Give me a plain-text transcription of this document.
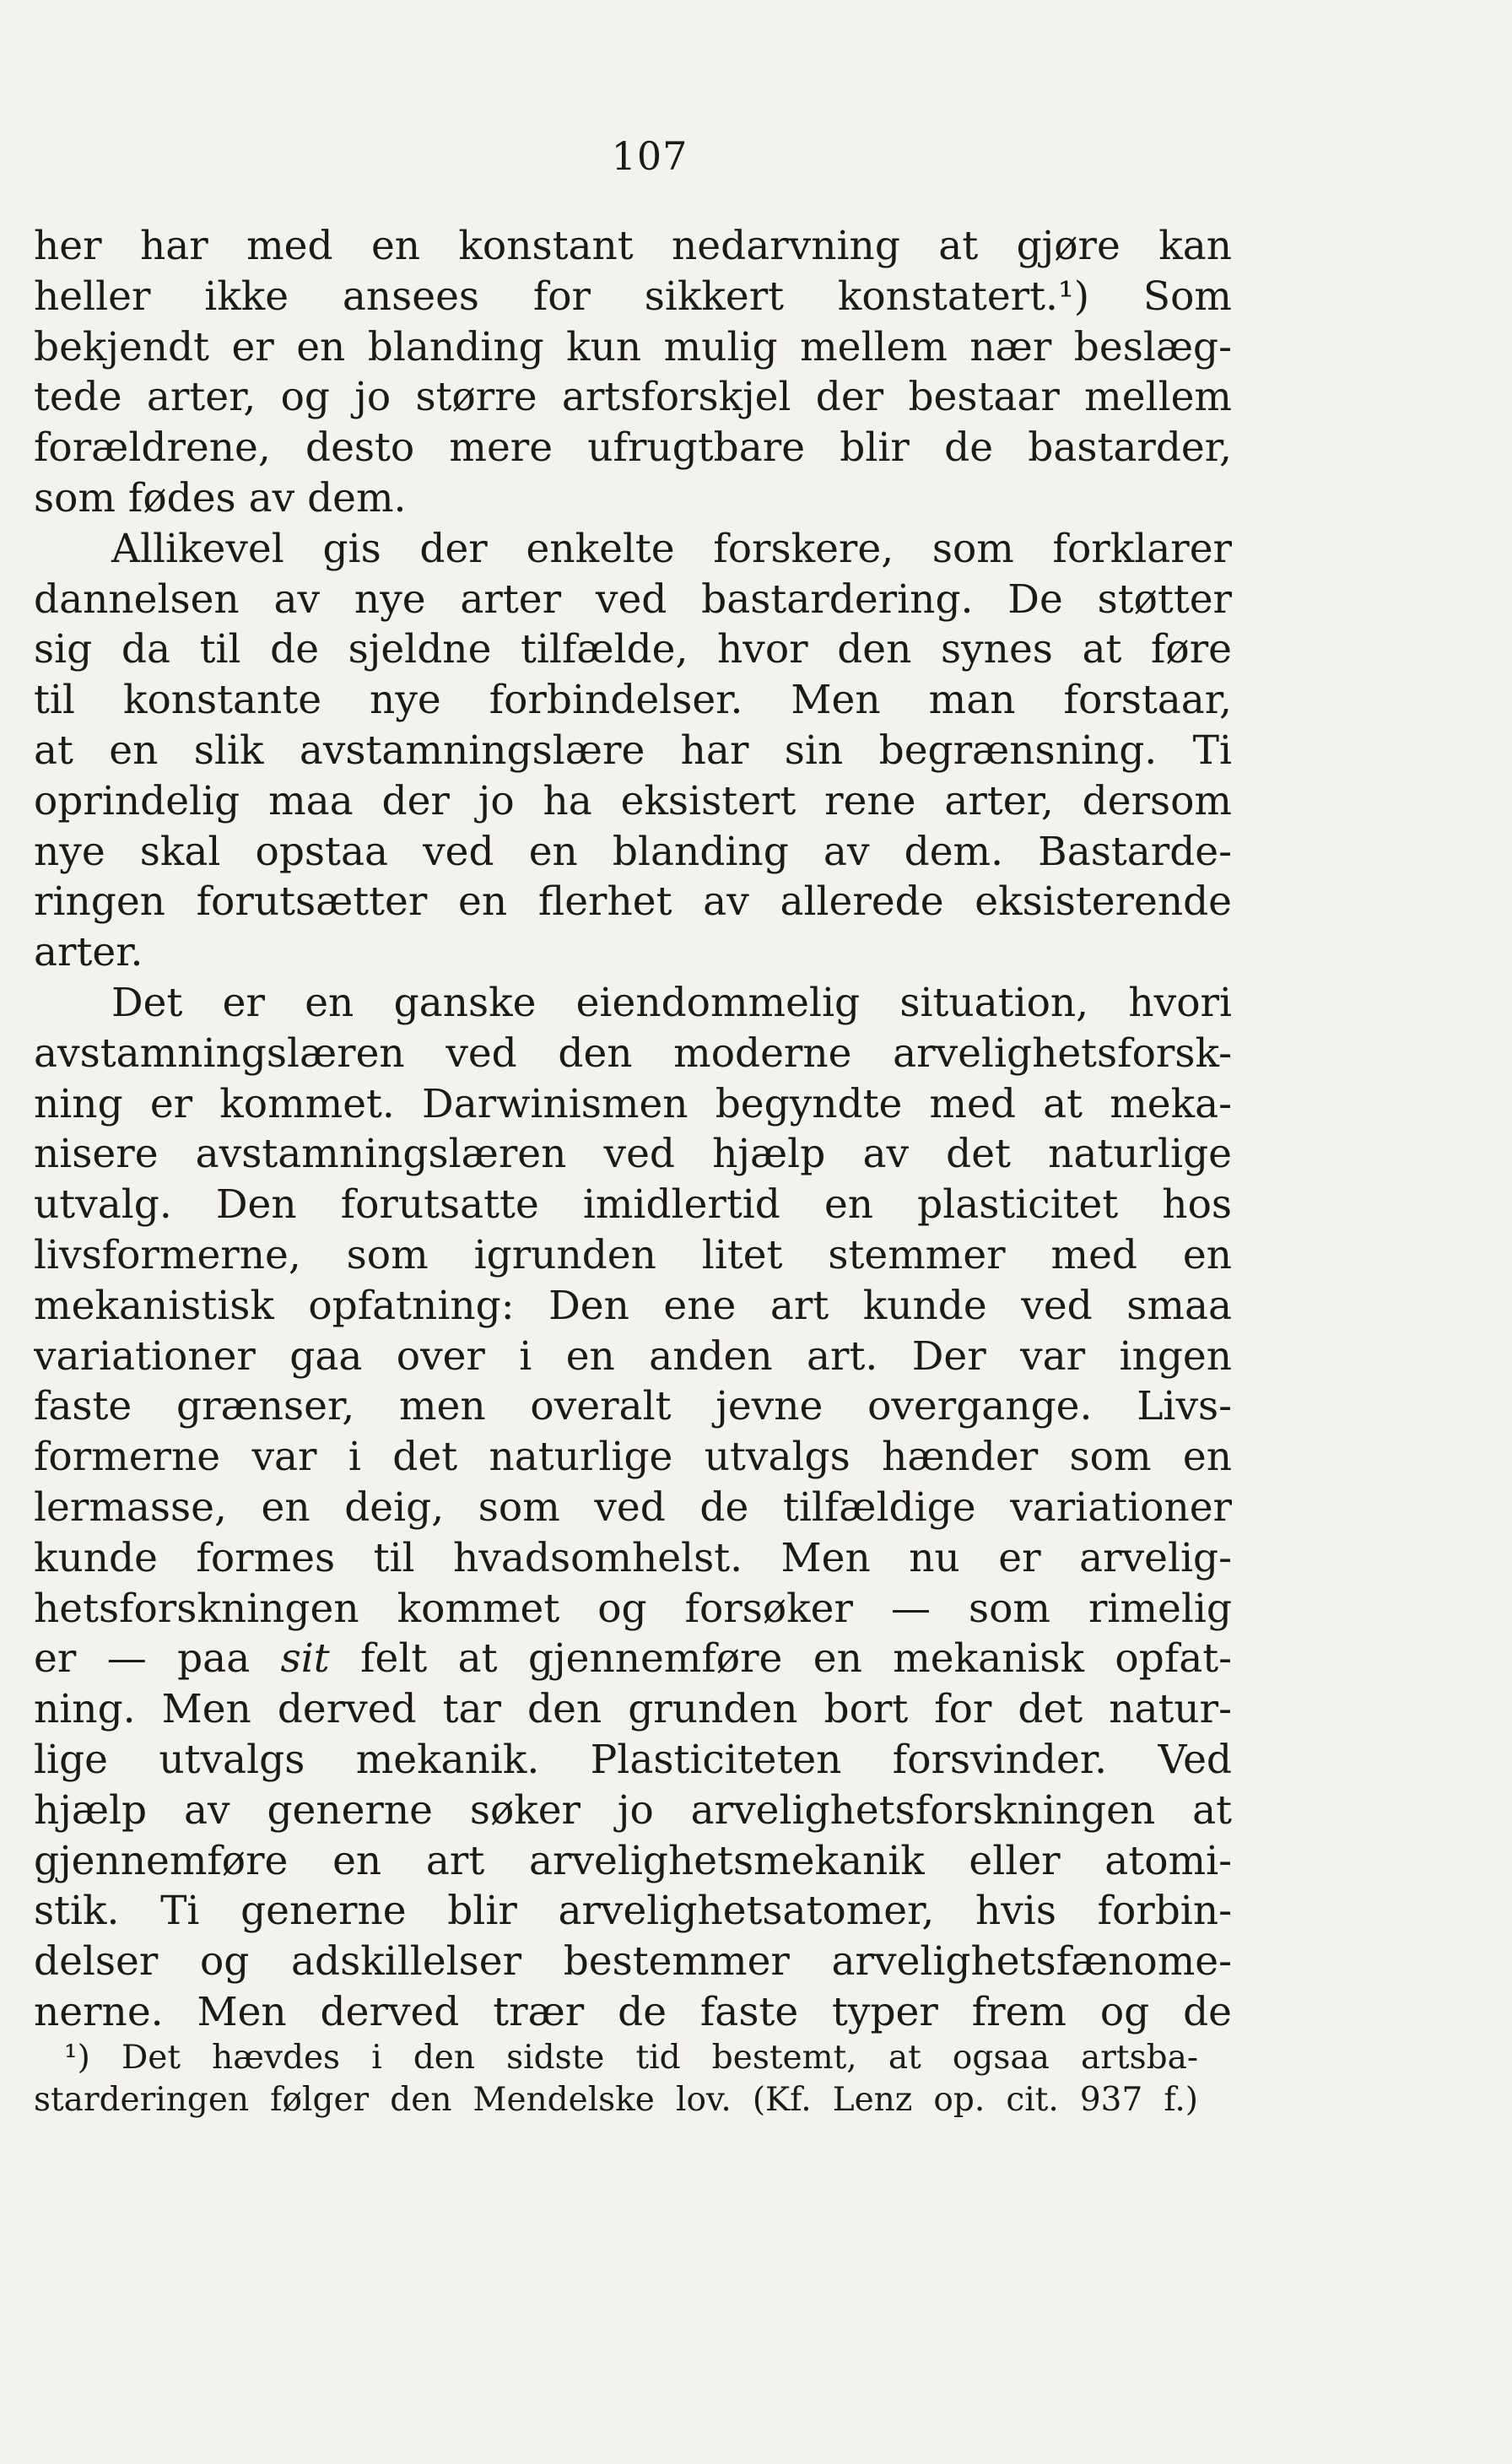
107
her har med en konstant nedarvning at gjøre kan
heller ikke ansees for sikkert konstatert.¹) Som
bekjendt er en blanding kun mulig mellem nær beslæg-
tede arter, og jo større artsforskjel der bestaar mellem
forældrene, desto mere ufrugtbare blir de bastarder,
som fødes av dem.
Allikevel gis der enkelte forskere, som forklarer
dannelsen av nye arter ved bastardering. De støtter
sig da til de sjeldne tilfælde, hvor den synes at føre
til konstante nye forbindelser. Men man forstaar,
at en slik avstamningslære har sin begrænsning. Ti
oprindelig maa der jo ha eksistert rene arter, dersom
nye skal opstaa ved en blanding av dem. Bastarde-
ringen forutsætter en flerhet av allerede eksisterende
arter.
Det er en ganske eiendommelig situation, hvori
avstamningslæren ved den moderne arvelighetsforsk-
ning er kommet. Darwinismen begyndte med at meka-
nisere avstamningslæren ved hjælp av det naturlige
utvalg. Den forutsatte imidlertid en plasticitet hos
livsformerne, som igrunden litet stemmer med en
mekanistisk opfatning: Den ene art kunde ved smaa
variationer gaa over i en anden art. Der var ingen
faste grænser, men overalt jevne overgange. Livs-
formerne var i det naturlige utvalgs hænder som en
lermasse, en deig, som ved de tilfældige variationer
kunde formes til hvadsomhelst. Men nu er arvelig-
hetsforskningen kommet og forsøker — som rimelig
er — paa sit felt at gjennemføre en mekanisk opfat-
ning. Men derved tar den grunden bort for det natur-
lige utvalgs mekanik. Plasticiteten forsvinder. Ved
hjælp av generne søker jo arvelighetsforskningen at
gjennemføre en art arvelighetsmekanik eller atomi-
stik. Ti generne blir arvelighetsatomer, hvis forbin-
delser og adskillelser bestemmer arvelighetsfænome-
nerne. Men derved trær de faste typer frem og de
¹) Det hævdes i den sidste tid bestemt, at ogsaa artsba-
starderingen følger den Mendelske lov. (Kf. Lenz op. cit. 937 f.)
